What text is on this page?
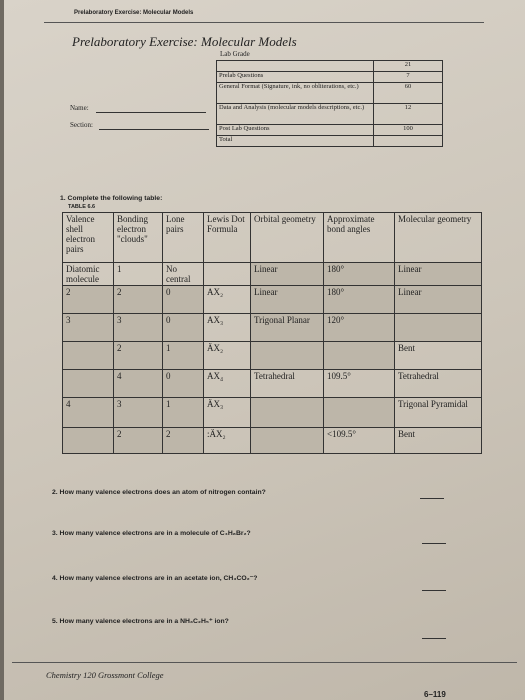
Prelaboratory Exercise: Molecular Models
Prelaboratory Exercise: Molecular Models
Name:
Section:
Lab Grade
	21
Prelab Questions	7
General Format (Signature, ink, no obliterations, etc.)	60
Data and Analysis (molecular models descriptions, etc.)	12
Post Lab Questions	100
Total	
1. Complete the following table:
TABLE 6.6
Valence shell electron pairs	Bonding electron "clouds"	Lone pairs	Lewis Dot Formula	Orbital geometry	Approximate bond angles	Molecular geometry
Diatomic molecule	1	No central		Linear	180°	Linear
2	2	0	AX₂	Linear	180°	Linear
3	3	0	AX₃	Trigonal Planar	120°	
	2	1	ÄX₂			Bent
	4	0	AX₄	Tetrahedral	109.5°	Tetrahedral
4	3	1	ÄX₃			Trigonal Pyramidal
	2	2	:ÄX₂		<109.5°	Bent
2. How many valence electrons does an atom of nitrogen contain?
3. How many valence electrons are in a molecule of C₄H₈Br₂?
4. How many valence electrons are in an acetate ion, CH₃CO₂⁻?
5. How many valence electrons are in a NH₃C₂H₅⁺ ion?
Chemistry 120 Grossmont College
6–119
